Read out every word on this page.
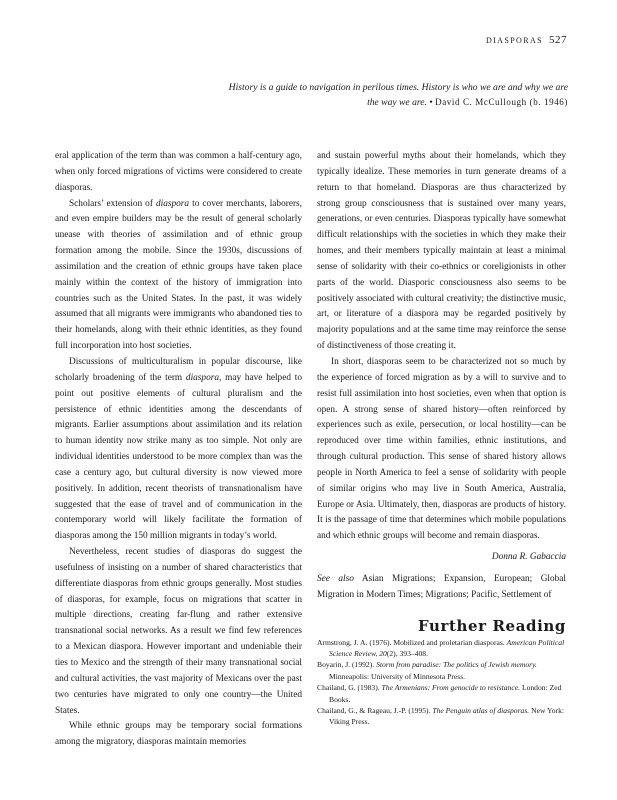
DIASPORAS 527
History is a guide to navigation in perilous times. History is who we are and why we are the way we are. • David C. McCullough (b. 1946)

eral application of the term than was common a half-century ago, when only forced migrations of victims were considered to create diasporas.

Scholars’ extension of diaspora to cover merchants, laborers, and even empire builders may be the result of general scholarly unease with theories of assimilation and of ethnic group formation among the mobile. Since the 1930s, discussions of assimilation and the creation of ethnic groups have taken place mainly within the context of the history of immigration into countries such as the United States. In the past, it was widely assumed that all migrants were immigrants who abandoned ties to their homelands, along with their ethnic identities, as they found full incorporation into host societies.

Discussions of multiculturalism in popular discourse, like scholarly broadening of the term diaspora, may have helped to point out positive elements of cultural pluralism and the persistence of ethnic identities among the descendants of migrants. Earlier assumptions about assimilation and its relation to human identity now strike many as too simple. Not only are individual identities understood to be more complex than was the case a century ago, but cultural diversity is now viewed more positively. In addition, recent theorists of transnationalism have suggested that the ease of travel and of communication in the contemporary world will likely facilitate the formation of diasporas among the 150 million migrants in today’s world.

Nevertheless, recent studies of diasporas do suggest the usefulness of insisting on a number of shared characteristics that differentiate diasporas from ethnic groups generally. Most studies of diasporas, for example, focus on migrations that scatter in multiple directions, creating far-flung and rather extensive transnational social networks. As a result we find few references to a Mexican diaspora. However important and undeniable their ties to Mexico and the strength of their many transnational social and cultural activities, the vast majority of Mexicans over the past two centuries have migrated to only one country—the United States.

While ethnic groups may be temporary social formations among the migratory, diasporas maintain memories

and sustain powerful myths about their homelands, which they typically idealize. These memories in turn generate dreams of a return to that homeland. Diasporas are thus characterized by strong group consciousness that is sustained over many years, generations, or even centuries. Diasporas typically have somewhat difficult relationships with the societies in which they make their homes, and their members typically maintain at least a minimal sense of solidarity with their co-ethnics or coreligionists in other parts of the world. Diasporic consciousness also seems to be positively associated with cultural creativity; the distinctive music, art, or literature of a diaspora may be regarded positively by majority populations and at the same time may reinforce the sense of distinctiveness of those creating it.

In short, diasporas seem to be characterized not so much by the experience of forced migration as by a will to survive and to resist full assimilation into host societies, even when that option is open. A strong sense of shared history—often reinforced by experiences such as exile, persecution, or local hostility—can be reproduced over time within families, ethnic institutions, and through cultural production. This sense of shared history allows people in North America to feel a sense of solidarity with people of similar origins who may live in South America, Australia, Europe or Asia. Ultimately, then, diasporas are products of history. It is the passage of time that determines which mobile populations and which ethnic groups will become and remain diasporas.

Donna R. Gabaccia

See also Asian Migrations; Expansion, European; Global Migration in Modern Times; Migrations; Pacific, Settlement of

Further Reading

Armstrong, J. A. (1976). Mobilized and proletarian diasporas. American Political Science Review, 20(2), 393–408.

Boyarin, J. (1992). Storm from paradise: The politics of Jewish memory. Minneapolis: University of Minnesota Press.

Chailand, G. (1983). The Armenians: From genocide to resistance. London: Zed Books.

Chailand, G., & Rageau, J.-P. (1995). The Penguin atlas of diasporas. New York: Viking Press.
